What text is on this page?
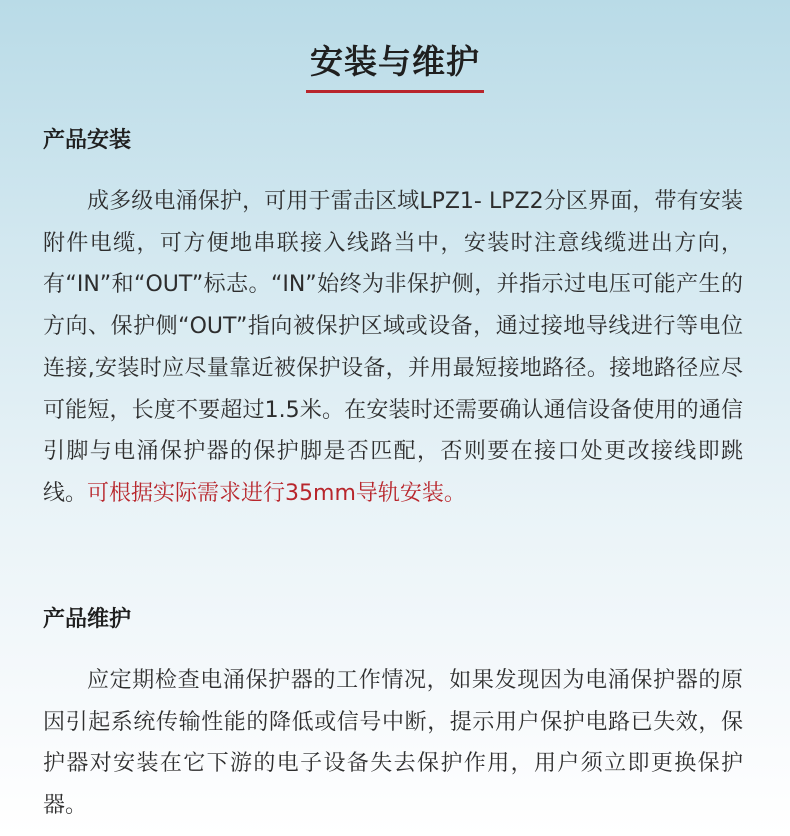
安装与维护
产品安装

成多级电涌保护，可用于雷击区域LPZ1- LPZ2分区界面，带有安装附件电缆，可方便地串联接入线路当中，安装时注意线缆进出方向，有“IN”和“OUT”标志。“IN”始终为非保护侧，并指示过电压可能产生的方向、保护侧“OUT”指向被保护区域或设备，通过接地导线进行等电位连接,安装时应尽量靠近被保护设备，并用最短接地路径。接地路径应尽可能短，长度不要超过1.5米。在安装时还需要确认通信设备使用的通信引脚与电涌保护器的保护脚是否匹配，否则要在接口处更改接线即跳线。可根据实际需求进行35mm导轨安装。

产品维护

应定期检查电涌保护器的工作情况，如果发现因为电涌保护器的原因引起系统传输性能的降低或信号中断，提示用户保护电路已失效，保护器对安装在它下游的电子设备失去保护作用，用户须立即更换保护器。
